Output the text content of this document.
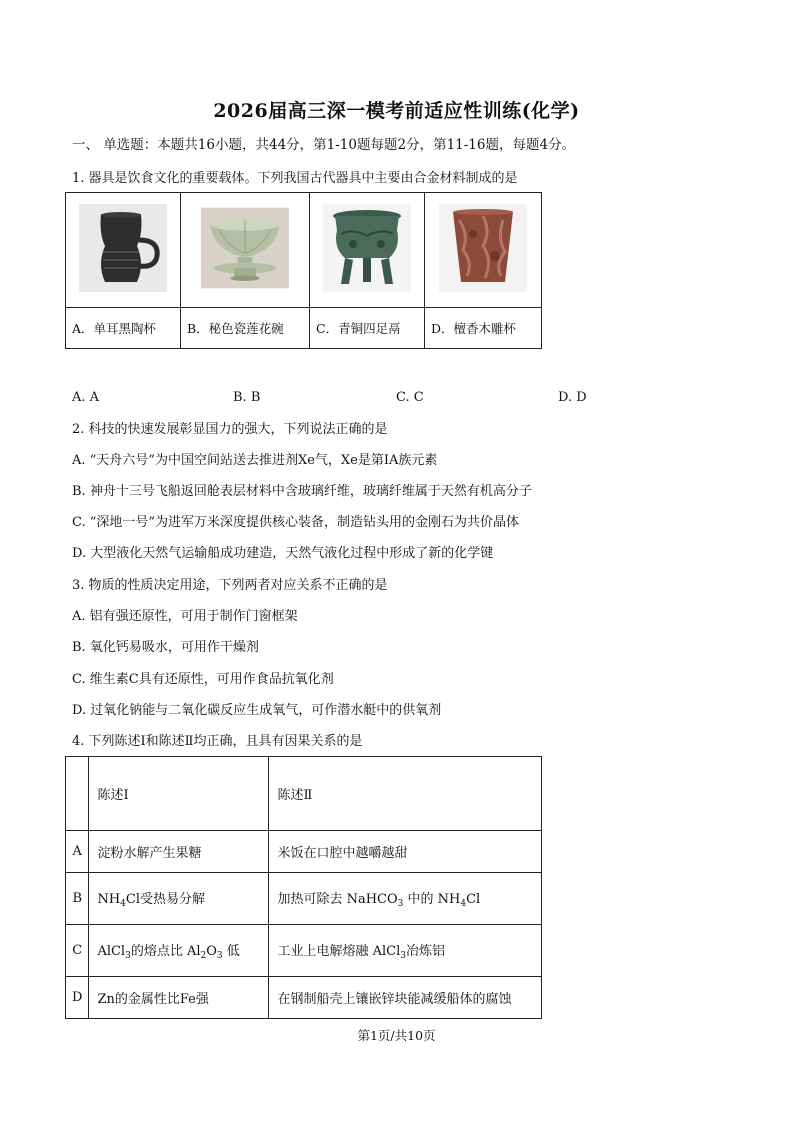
2026届高三深一模考前适应性训练(化学)
一、 单选题：本题共16小题，共44分，第1-10题每题2分，第11-16题，每题4分。
1. 器具是饮食文化的重要载体。下列我国古代器具中主要由合金材料制成的是

A．单耳黑陶杯	B．秘色瓷莲花碗	C．青铜四足鬲	D．檀香木雕杯
A. A	B. B	C. C	D. D
2. 科技的快速发展彰显国力的强大，下列说法正确的是
A. “天舟六号”为中国空间站送去推进剂Xe气，Xe是第IA族元素
B. 神舟十三号飞船返回舱表层材料中含玻璃纤维，玻璃纤维属于天然有机高分子
C. “深地一号”为进军万米深度提供核心装备，制造钻头用的金刚石为共价晶体
D. 大型液化天然气运输船成功建造，天然气液化过程中形成了新的化学键
3. 物质的性质决定用途，下列两者对应关系不正确的是
A. 铝有强还原性，可用于制作门窗框架
B. 氧化钙易吸水，可用作干燥剂
C. 维生素C具有还原性，可用作食品抗氧化剂
D. 过氧化钠能与二氧化碳反应生成氧气，可作潜水艇中的供氧剂
4. 下列陈述Ⅰ和陈述Ⅱ均正确，且具有因果关系的是
	陈述Ⅰ	陈述Ⅱ
A	淀粉水解产生果糖	米饭在口腔中越嚼越甜
B	$NH_4Cl$受热易分解	加热可除去 NaHCO$_3$ 中的 $NH_4Cl$
C	AlCl$_3$的熔点比 $Al_2O_3$ 低	工业上电解熔融 AlCl$_3$冶炼铝
D	Zn的金属性比Fe强	在钢制船壳上镶嵌锌块能减缓船体的腐蚀
第1页/共10页
